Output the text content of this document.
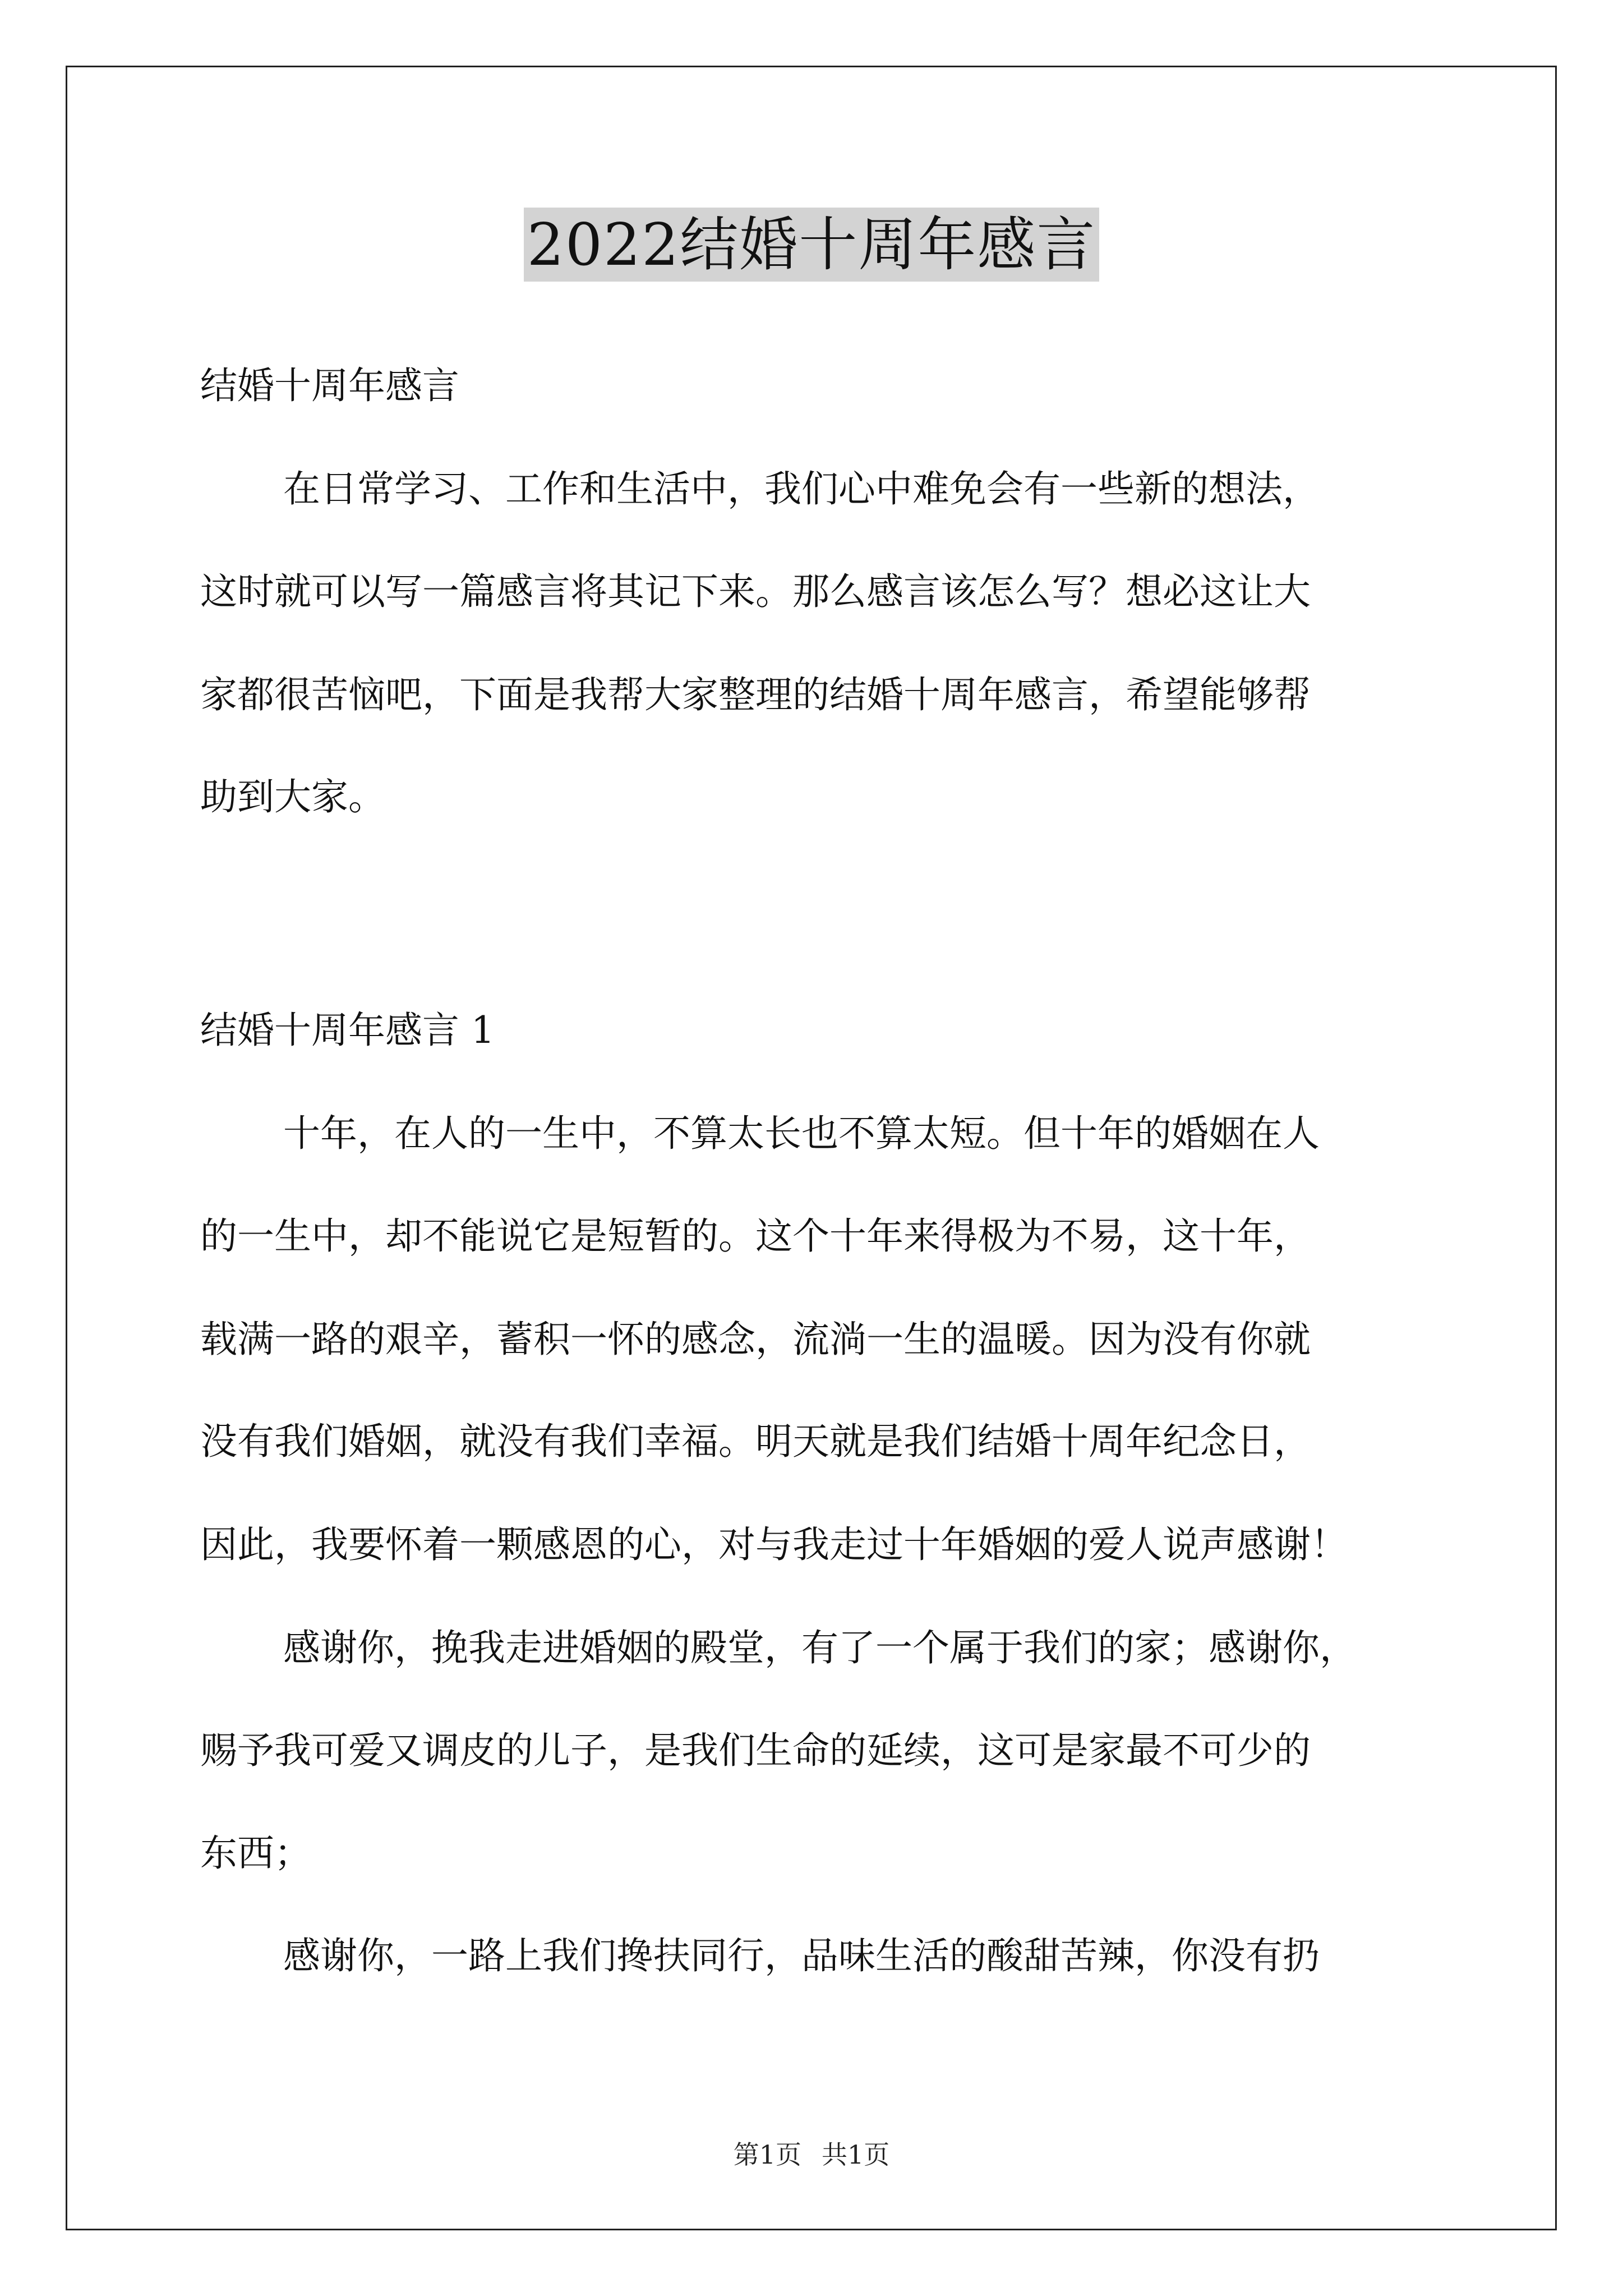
2022结婚十周年感言

结婚十周年感言

在日常学习、工作和生活中，我们心中难免会有一些新的想法，

这时就可以写一篇感言将其记下来。那么感言该怎么写？想必这让大

家都很苦恼吧，下面是我帮大家整理的结婚十周年感言，希望能够帮

助到大家。

结婚十周年感言 1

十年，在人的一生中，不算太长也不算太短。但十年的婚姻在人

的一生中，却不能说它是短暂的。这个十年来得极为不易，这十年，

载满一路的艰辛，蓄积一怀的感念，流淌一生的温暖。因为没有你就

没有我们婚姻，就没有我们幸福。明天就是我们结婚十周年纪念日，

因此，我要怀着一颗感恩的心，对与我走过十年婚姻的爱人说声感谢！

感谢你，挽我走进婚姻的殿堂，有了一个属于我们的家；感谢你，

赐予我可爱又调皮的儿子，是我们生命的延续，这可是家最不可少的

东西；

感谢你，一路上我们搀扶同行，品味生活的酸甜苦辣，你没有扔

第1页 共1页
